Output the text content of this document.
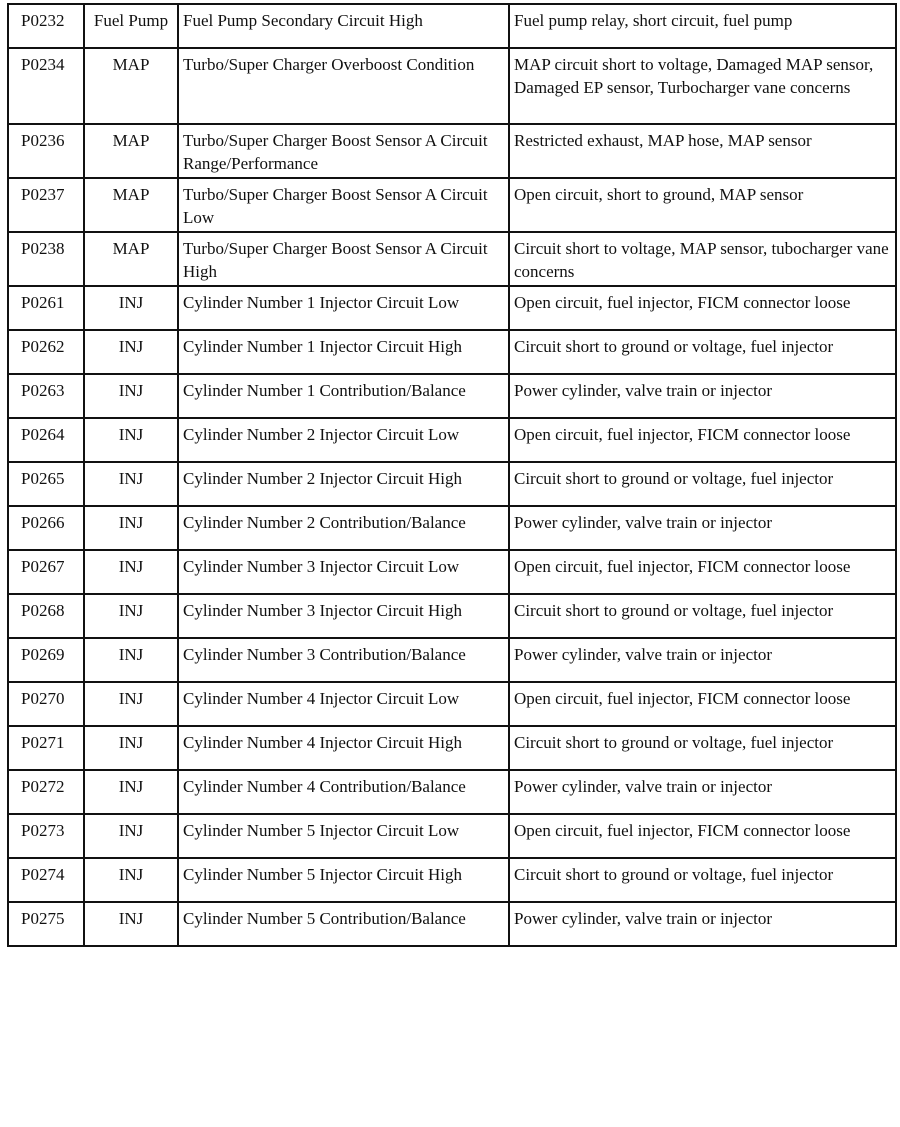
P0232	Fuel Pump	Fuel Pump Secondary Circuit High	Fuel pump relay, short circuit, fuel pump
P0234	MAP	Turbo/Super Charger Overboost Condition	MAP circuit short to voltage, Damaged MAP sensor, Damaged EP sensor, Turbocharger vane concerns
P0236	MAP	Turbo/Super Charger Boost Sensor A Circuit Range/Performance	Restricted exhaust, MAP hose, MAP sensor
P0237	MAP	Turbo/Super Charger Boost Sensor A Circuit Low	Open circuit, short to ground, MAP sensor
P0238	MAP	Turbo/Super Charger Boost Sensor A Circuit High	Circuit short to voltage, MAP sensor, tubocharger vane concerns
P0261	INJ	Cylinder Number 1 Injector Circuit Low	Open circuit, fuel injector, FICM connector loose
P0262	INJ	Cylinder Number 1 Injector Circuit High	Circuit short to ground or voltage, fuel injector
P0263	INJ	Cylinder Number 1 Contribution/Balance	Power cylinder, valve train or injector
P0264	INJ	Cylinder Number 2 Injector Circuit Low	Open circuit, fuel injector, FICM connector loose
P0265	INJ	Cylinder Number 2 Injector Circuit High	Circuit short to ground or voltage, fuel injector
P0266	INJ	Cylinder Number 2 Contribution/Balance	Power cylinder, valve train or injector
P0267	INJ	Cylinder Number 3 Injector Circuit Low	Open circuit, fuel injector, FICM connector loose
P0268	INJ	Cylinder Number 3 Injector Circuit High	Circuit short to ground or voltage, fuel injector
P0269	INJ	Cylinder Number 3 Contribution/Balance	Power cylinder, valve train or injector
P0270	INJ	Cylinder Number 4 Injector Circuit Low	Open circuit, fuel injector, FICM connector loose
P0271	INJ	Cylinder Number 4 Injector Circuit High	Circuit short to ground or voltage, fuel injector
P0272	INJ	Cylinder Number 4 Contribution/Balance	Power cylinder, valve train or injector
P0273	INJ	Cylinder Number 5 Injector Circuit Low	Open circuit, fuel injector, FICM connector loose
P0274	INJ	Cylinder Number 5 Injector Circuit High	Circuit short to ground or voltage, fuel injector
P0275	INJ	Cylinder Number 5 Contribution/Balance	Power cylinder, valve train or injector
